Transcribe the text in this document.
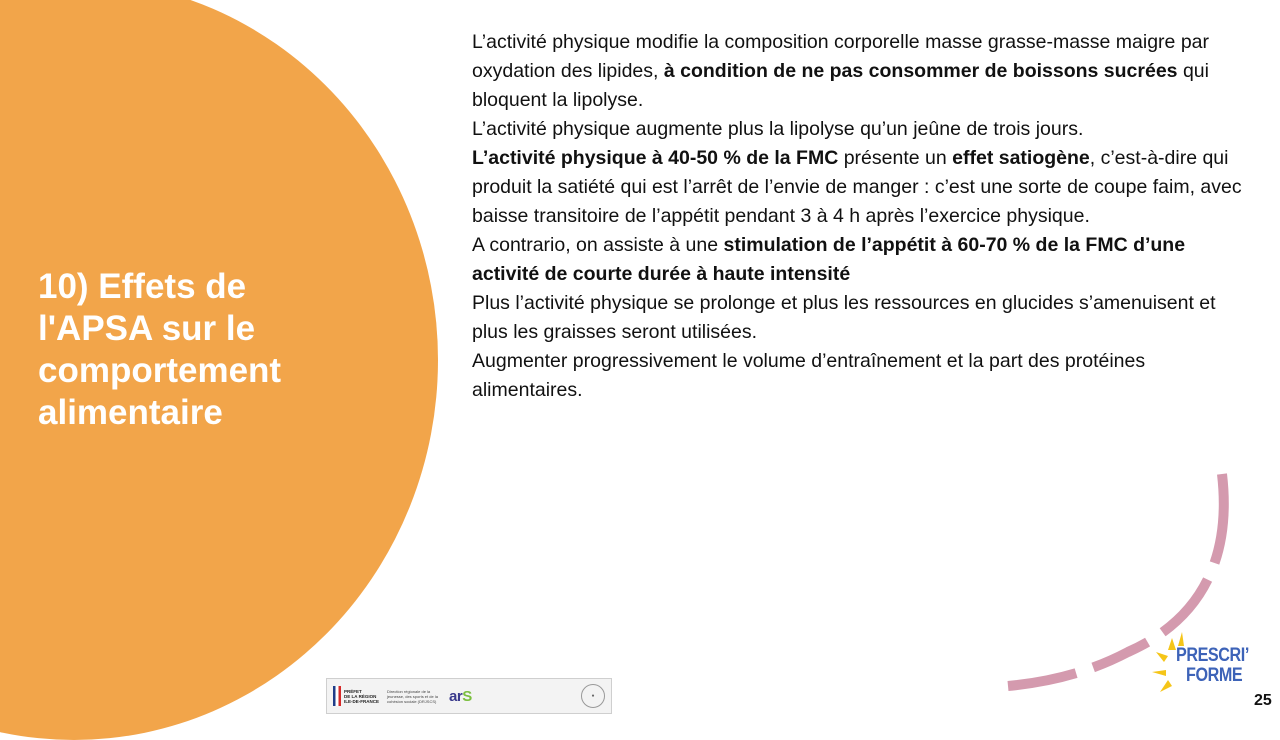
10) Effets de
l'APSA sur le
comportement
alimentaire

L’activité physique modifie la composition corporelle masse grasse-masse maigre par oxydation des lipides, à condition de ne pas consommer de boissons sucrées qui bloquent la lipolyse.

L’activité physique augmente plus la lipolyse qu’un jeûne de trois jours.

L’activité physique à 40-50 % de la FMC présente un effet satiogène, c’est-à-dire qui produit la satiété qui est l’arrêt de l’envie de manger : c’est une sorte de coupe faim, avec baisse transitoire de l’appétit pendant 3 à 4 h après l’exercice physique.

A contrario, on assiste à une stimulation de l’appétit à 60-70 % de la FMC d’une activité de courte durée à haute intensité

Plus l’activité physique se prolonge et plus les ressources en glucides s’amenuisent et plus les graisses seront utilisées.

Augmenter progressivement le volume d’entraînement et la part des protéines alimentaires.

PRÉFET
DE LA RÉGION
ILE-DE-FRANCE
Direction régionale de la jeunesse, des sports et de la cohésion sociale (DRJSCS) arS	●
PRESCRI’
FORME
25
